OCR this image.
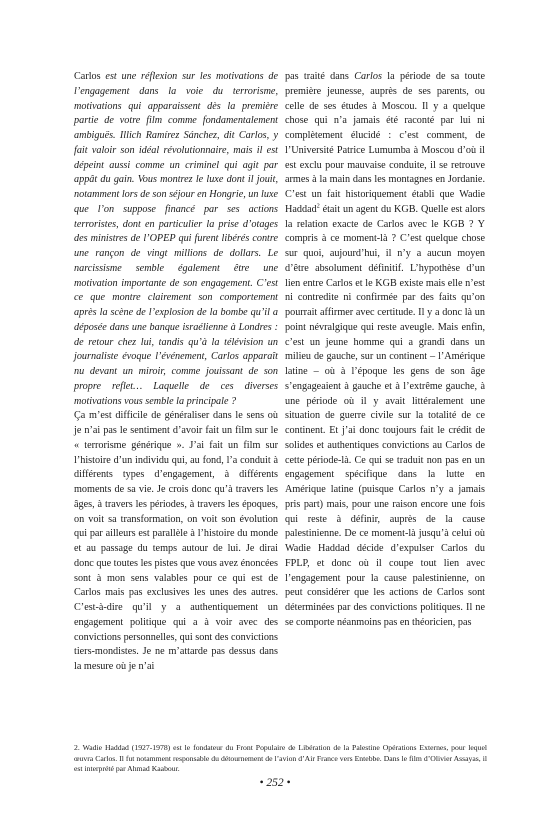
Carlos est une réflexion sur les motivations de l’engagement dans la voie du terrorisme, motivations qui apparaissent dès la première partie de votre film comme fondamentalement ambiguës. Illich Ramírez Sánchez, dit Carlos, y fait valoir son idéal révolutionnaire, mais il est dépeint aussi comme un criminel qui agit par appât du gain. Vous montrez le luxe dont il jouit, notamment lors de son séjour en Hongrie, un luxe que l’on suppose financé par ses actions terroristes, dont en particulier la prise d’otages des ministres de l’OPEP qui furent libérés contre une rançon de vingt millions de dollars. Le narcissisme semble également être une motivation importante de son engagement. C’est ce que montre clairement son comportement après la scène de l’explosion de la bombe qu’il a déposée dans une banque israélienne à Londres : de retour chez lui, tandis qu’à la télévision un journaliste évoque l’événement, Carlos apparaît nu devant un miroir, comme jouissant de son propre reflet… Laquelle de ces diverses motivations vous semble la principale ?

Ça m’est difficile de généraliser dans le sens où je n’ai pas le sentiment d’avoir fait un film sur le « terrorisme générique ». J’ai fait un film sur l’histoire d’un individu qui, au fond, l’a conduit à différents types d’engagement, à différents moments de sa vie. Je crois donc qu’à travers les âges, à travers les périodes, à travers les époques, on voit sa transformation, on voit son évolution qui par ailleurs est parallèle à l’histoire du monde et au passage du temps autour de lui. Je dirai donc que toutes les pistes que vous avez énoncées sont à mon sens valables pour ce qui est de Carlos mais pas exclusives les unes des autres. C’est-à-dire qu’il y a authentiquement un engagement politique qui a à voir avec des convictions personnelles, qui sont des convictions tiers-mondistes. Je ne m’attarde pas dessus dans la mesure où je n’ai

pas traité dans Carlos la période de sa toute première jeunesse, auprès de ses parents, ou celle de ses études à Moscou. Il y a quelque chose qui n’a jamais été raconté par lui ni complètement élucidé : c’est comment, de l’Université Patrice Lumumba à Moscou d’où il est exclu pour mauvaise conduite, il se retrouve armes à la main dans les montagnes en Jordanie. C’est un fait historiquement établi que Wadie Haddad$^2$ était un agent du KGB. Quelle est alors la relation exacte de Carlos avec le KGB ? Y compris à ce moment-là ? C’est quelque chose sur quoi, aujourd’hui, il n’y a aucun moyen d’être absolument définitif. L’hypothèse d’un lien entre Carlos et le KGB existe mais elle n’est ni contredite ni confirmée par des faits qu’on pourrait affirmer avec certitude. Il y a donc là un point névralgique qui reste aveugle. Mais enfin, c’est un jeune homme qui a grandi dans un milieu de gauche, sur un continent – l’Amérique latine – où à l’époque les gens de son âge s’engageaient à gauche et à l’extrême gauche, à une période où il y avait littéralement une situation de guerre civile sur la totalité de ce continent. Et j’ai donc toujours fait le crédit de solides et authentiques convictions au Carlos de cette période-là. Ce qui se traduit non pas en un engagement spécifique dans la lutte en Amérique latine (puisque Carlos n’y a jamais pris part) mais, pour une raison encore une fois qui reste à définir, auprès de la cause palestinienne. De ce moment-là jusqu’à celui où Wadie Haddad décide d’expulser Carlos du FPLP, et donc où il coupe tout lien avec l’engagement pour la cause palestinienne, on peut considérer que les actions de Carlos sont déterminées par des convictions politiques. Il ne se comporte néanmoins pas en théoricien, pas

2. Wadie Haddad (1927-1978) est le fondateur du Front Populaire de Libération de la Palestine Opérations Externes, pour lequel œuvra Carlos. Il fut notamment responsable du détournement de l’avion d’Air France vers Entebbe. Dans le film d’Olivier Assayas, il est interprété par Ahmad Kaabour.
• 252 •
